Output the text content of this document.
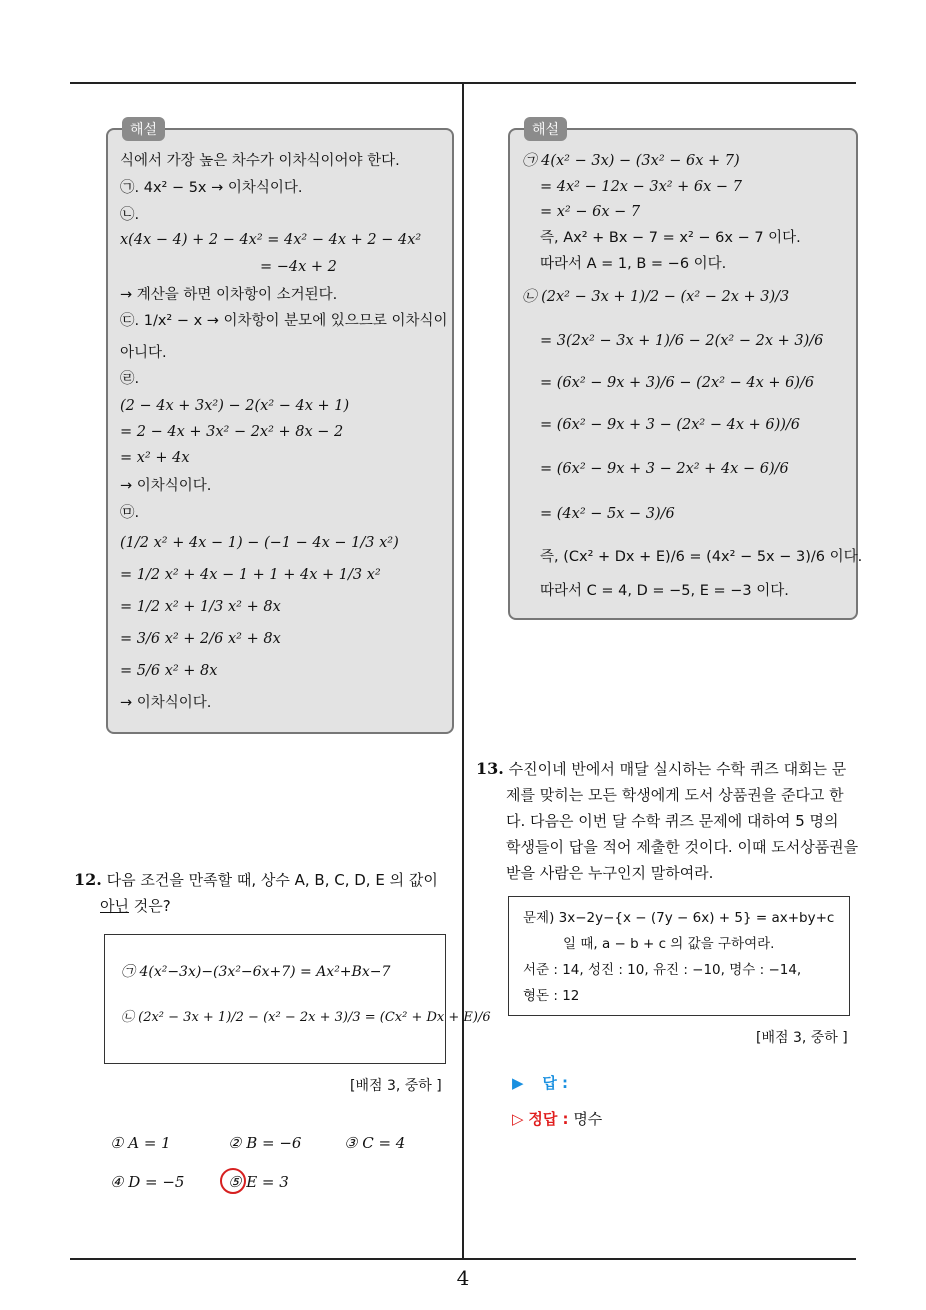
4
해설
식에서 가장 높은 차수가 이차식이어야 한다.
㉠. 4x² − 5x → 이차식이다.
㉡.
x(4x − 4) + 2 − 4x² = 4x² − 4x + 2 − 4x²
= −4x + 2
→ 계산을 하면 이차항이 소거된다.
㉢. 1/x² − x → 이차항이 분모에 있으므로 이차식이
아니다.
㉣.
(2 − 4x + 3x²) − 2(x² − 4x + 1)
= 2 − 4x + 3x² − 2x² + 8x − 2
= x² + 4x
→ 이차식이다.
㉤.
(1/2 x² + 4x − 1) − (−1 − 4x − 1/3 x²)
= 1/2 x² + 4x − 1 + 1 + 4x + 1/3 x²
= 1/2 x² + 1/3 x² + 8x
= 3/6 x² + 2/6 x² + 8x
= 5/6 x² + 8x
→ 이차식이다.
해설
㉠ 4(x² − 3x) − (3x² − 6x + 7)
= 4x² − 12x − 3x² + 6x − 7
= x² − 6x − 7
즉, Ax² + Bx − 7 = x² − 6x − 7 이다.
따라서 A = 1, B = −6 이다.
㉡ (2x² − 3x + 1)/2 − (x² − 2x + 3)/3
= 3(2x² − 3x + 1)/6 − 2(x² − 2x + 3)/6
= (6x² − 9x + 3)/6 − (2x² − 4x + 6)/6
= (6x² − 9x + 3 − (2x² − 4x + 6))/6
= (6x² − 9x + 3 − 2x² + 4x − 6)/6
= (4x² − 5x − 3)/6
즉, (Cx² + Dx + E)/6 = (4x² − 5x − 3)/6 이다.
따라서 C = 4, D = −5, E = −3 이다.
12. 다음 조건을 만족할 때, 상수 A, B, C, D, E 의 값이
아닌 것은?
㉠ 4(x²−3x)−(3x²−6x+7) = Ax²+Bx−7
㉡ (2x² − 3x + 1)/2 − (x² − 2x + 3)/3 = (Cx² + Dx + E)/6
[배점 3, 중하 ]
① A = 1	② B = −6	③ C = 4
④ D = −5	⑤ E = 3
13. 수진이네 반에서 매달 실시하는 수학 퀴즈 대회는 문
제를 맞히는 모든 학생에게 도서 상품권을 준다고 한
다. 다음은 이번 달 수학 퀴즈 문제에 대하여 5 명의
학생들이 답을 적어 제출한 것이다. 이때 도서상품권을
받을 사람은 누구인지 말하여라.
문제) 3x−2y−{x − (7y − 6x) + 5} = ax+by+c
일 때, a − b + c 의 값을 구하여라.
서준 : 14, 성진 : 10, 유진 : −10, 명수 : −14,
형돈 : 12
[배점 3, 중하 ]
▶ 답 :
▷ 정답 : 명수
